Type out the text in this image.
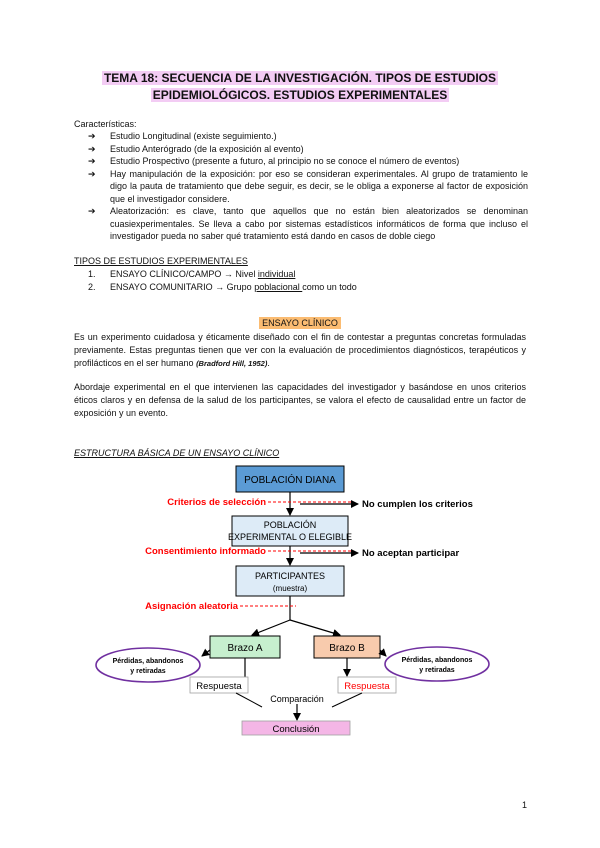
TEMA 18: SECUENCIA DE LA INVESTIGACIÓN. TIPOS DE ESTUDIOS
EPIDEMIOLÓGICOS. ESTUDIOS EXPERIMENTALES
Características:
➔ Estudio Longitudinal (existe seguimiento.)
➔ Estudio Anterógrado (de la exposición al evento)
➔ Estudio Prospectivo (presente a futuro, al principio no se conoce el número de eventos)
➔ Hay manipulación de la exposición: por eso se consideran experimentales. Al grupo de tratamiento le digo la pauta de tratamiento que debe seguir, es decir, se le obliga a exponerse al factor de exposición que el investigador considere.
➔ Aleatorización: es clave, tanto que aquellos que no están bien aleatorizados se denominan cuasiexperimentales. Se lleva a cabo por sistemas estadísticos informáticos de forma que incluso el investigador pueda no saber qué tratamiento está dando en casos de doble ciego
TIPOS DE ESTUDIOS EXPERIMENTALES
1. ENSAYO CLÍNICO/CAMPO → Nivel individual
2. ENSAYO COMUNITARIO → Grupo poblacional como un todo
ENSAYO CLÍNICO
Es un experimento cuidadosa y éticamente diseñado con el fin de contestar a preguntas concretas formuladas previamente. Estas preguntas tienen que ver con la evaluación de procedimientos diagnósticos, terapéuticos y profilácticos en el ser humano (Bradford Hill, 1952).
Abordaje experimental en el que intervienen las capacidades del investigador y basándose en unos criterios éticos claros y en defensa de la salud de los participantes, se valora el efecto de causalidad entre un factor de exposición y un evento.
ESTRUCTURA BÁSICA DE UN ENSAYO CLÍNICO
POBLACIÓN DIANA
Criterios de selección	No cumplen los criterios
POBLACIÓN
EXPERIMENTAL O ELEGIBLE
Consentimiento informado	No aceptan participar
PARTICIPANTES
(muestra)
Asignación aleatoria
Brazo A	Brazo B
Pérdidas, abandonos
y retiradas
Pérdidas, abandonos
y retiradas
Respuesta	Respuesta
Comparación
Conclusión
1
